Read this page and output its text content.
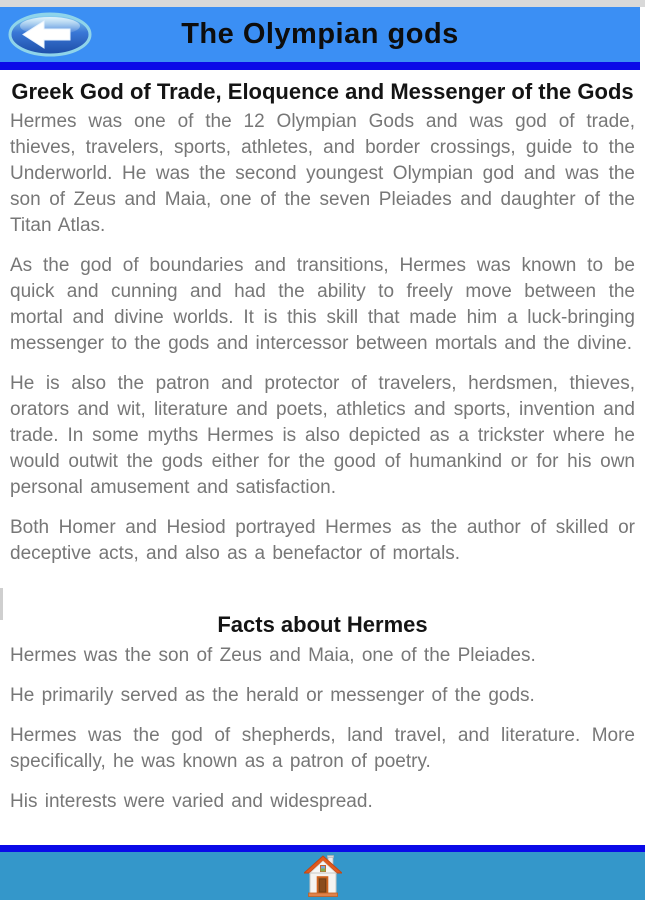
The Olympian gods
Greek God of Trade, Eloquence and Messenger of the Gods

Hermes was one of the 12 Olympian Gods and was god of trade, thieves, travelers, sports, athletes, and border crossings, guide to the Underworld. He was the second youngest Olympian god and was the son of Zeus and Maia, one of the seven Pleiades and daughter of the Titan Atlas.

As the god of boundaries and transitions, Hermes was known to be quick and cunning and had the ability to freely move between the mortal and divine worlds. It is this skill that made him a luck-bringing messenger to the gods and intercessor between mortals and the divine.

He is also the patron and protector of travelers, herdsmen, thieves, orators and wit, literature and poets, athletics and sports, invention and trade. In some myths Hermes is also depicted as a trickster where he would outwit the gods either for the good of humankind or for his own personal amusement and satisfaction.

Both Homer and Hesiod portrayed Hermes as the author of skilled or deceptive acts, and also as a benefactor of mortals.

Facts about Hermes

Hermes was the son of Zeus and Maia, one of the Pleiades.

He primarily served as the herald or messenger of the gods.

Hermes was the god of shepherds, land travel, and literature. More specifically, he was known as a patron of poetry.

His interests were varied and widespread.
